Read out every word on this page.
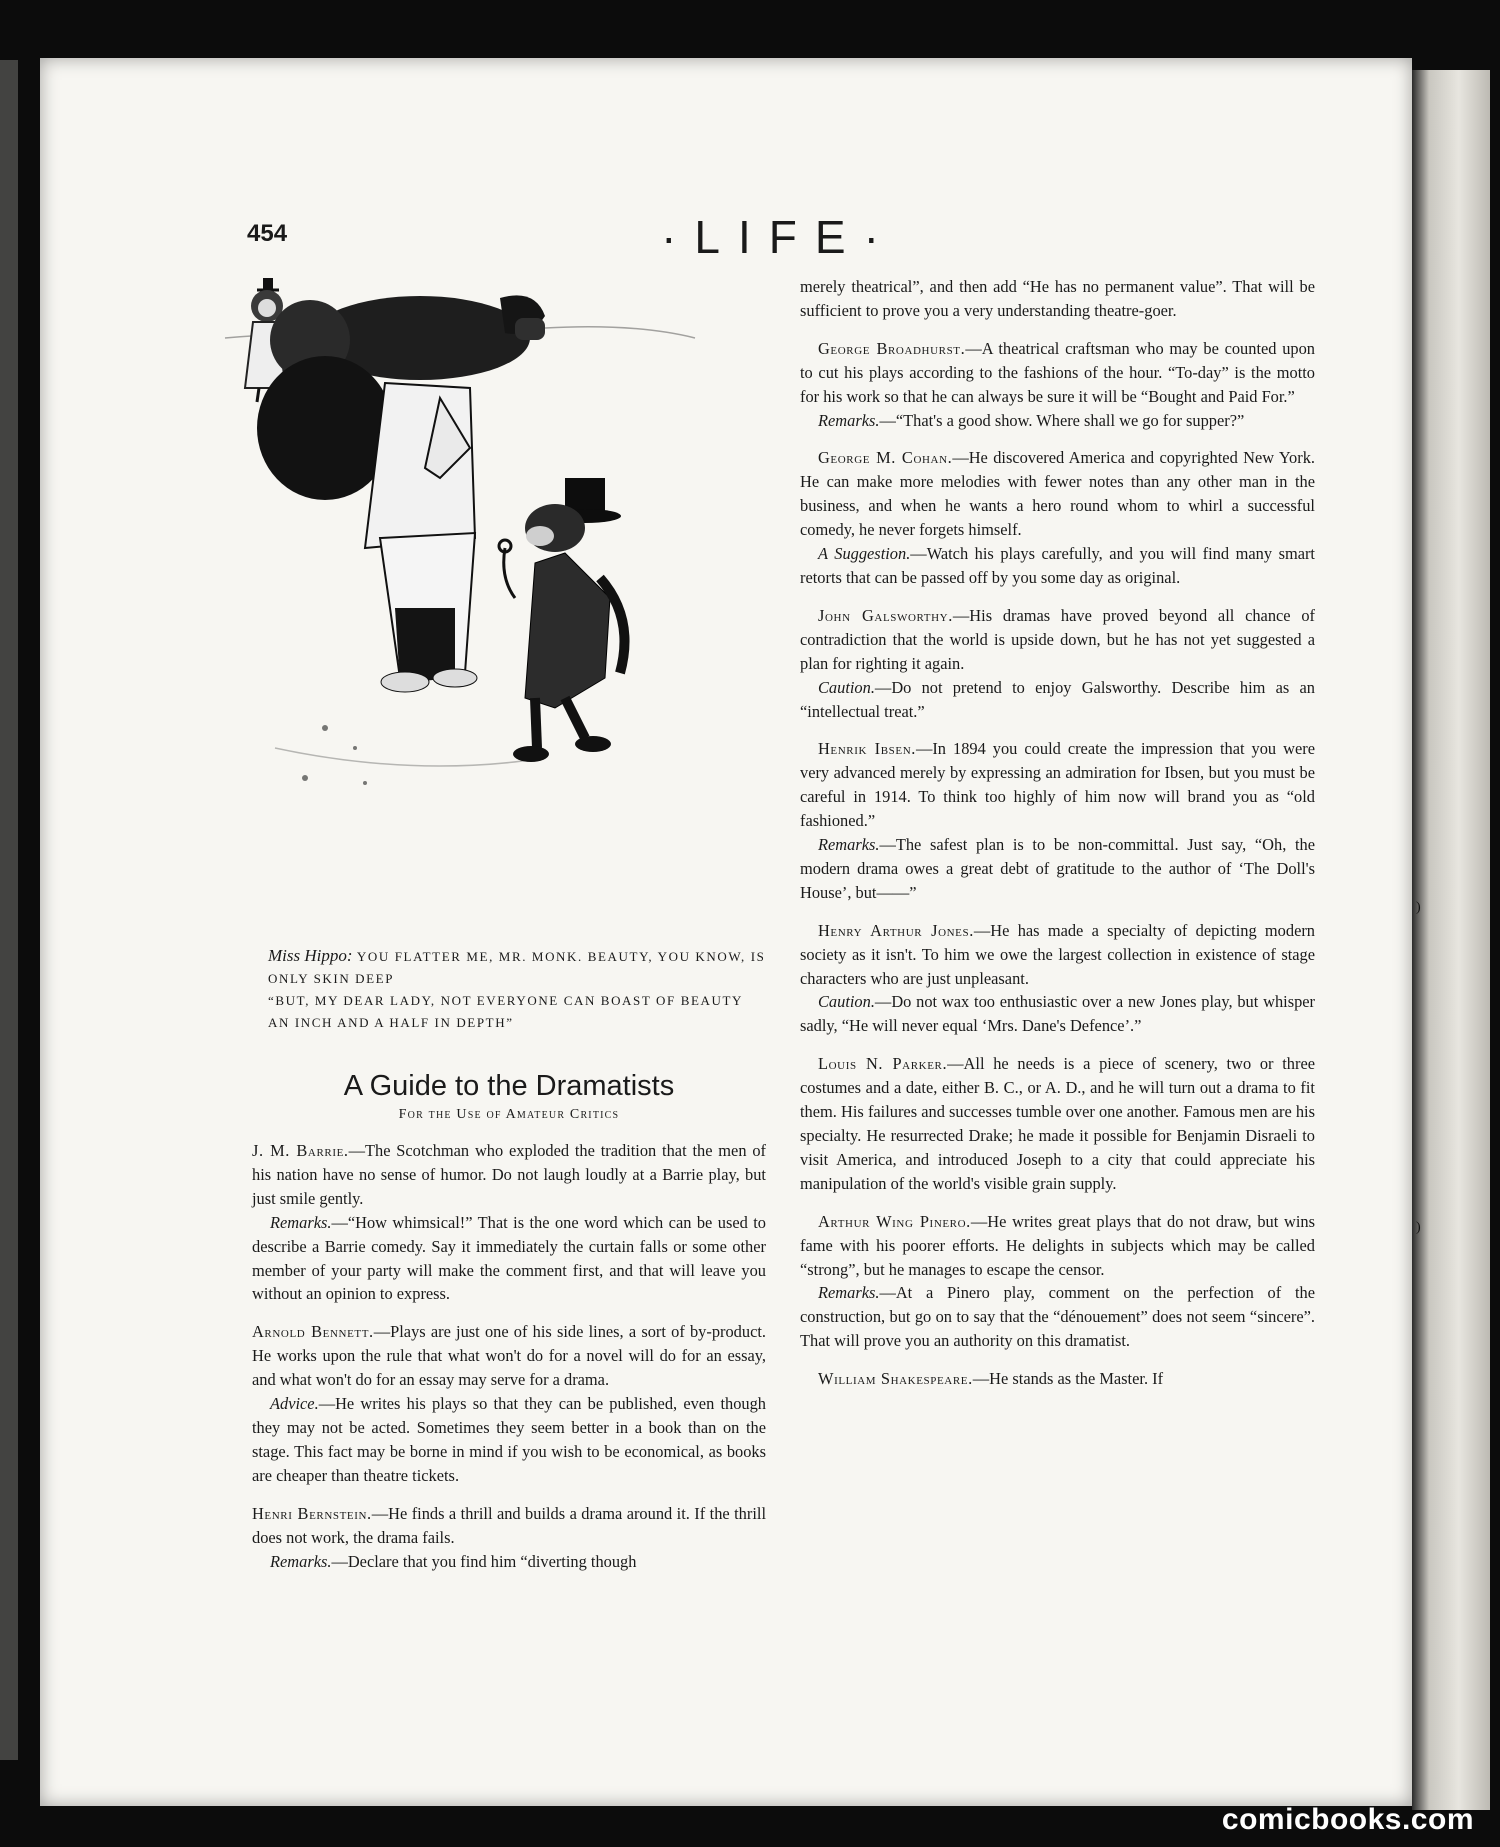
)
)
454	·LIFE·
Miss Hippo: YOU FLATTER ME, MR. MONK. BEAUTY, YOU KNOW, IS ONLY SKIN DEEP
“BUT, MY DEAR LADY, NOT EVERYONE CAN BOAST OF BEAUTY AN INCH AND A HALF IN DEPTH”
A Guide to the Dramatists
For the Use of Amateur Critics

J. M. Barrie.—The Scotchman who exploded the tradition that the men of his nation have no sense of humor. Do not laugh loudly at a Barrie play, but just smile gently.

Remarks.—“How whimsical!” That is the one word which can be used to describe a Barrie comedy. Say it immediately the curtain falls or some other member of your party will make the comment first, and that will leave you without an opinion to express.

Arnold Bennett.—Plays are just one of his side lines, a sort of by-product. He works upon the rule that what won't do for a novel will do for an essay, and what won't do for an essay may serve for a drama.

Advice.—He writes his plays so that they can be published, even though they may not be acted. Sometimes they seem better in a book than on the stage. This fact may be borne in mind if you wish to be economical, as books are cheaper than theatre tickets.

Henri Bernstein.—He finds a thrill and builds a drama around it. If the thrill does not work, the drama fails.

Remarks.—Declare that you find him “diverting though

merely theatrical”, and then add “He has no permanent value”. That will be sufficient to prove you a very understanding theatre-goer.

George Broadhurst.—A theatrical craftsman who may be counted upon to cut his plays according to the fashions of the hour. “To-day” is the motto for his work so that he can always be sure it will be “Bought and Paid For.”

Remarks.—“That's a good show. Where shall we go for supper?”

George M. Cohan.—He discovered America and copyrighted New York. He can make more melodies with fewer notes than any other man in the business, and when he wants a hero round whom to whirl a successful comedy, he never forgets himself.

A Suggestion.—Watch his plays carefully, and you will find many smart retorts that can be passed off by you some day as original.

John Galsworthy.—His dramas have proved beyond all chance of contradiction that the world is upside down, but he has not yet suggested a plan for righting it again.

Caution.—Do not pretend to enjoy Galsworthy. Describe him as an “intellectual treat.”

Henrik Ibsen.—In 1894 you could create the impression that you were very advanced merely by expressing an admiration for Ibsen, but you must be careful in 1914. To think too highly of him now will brand you as “old fashioned.”

Remarks.—The safest plan is to be non-committal. Just say, “Oh, the modern drama owes a great debt of gratitude to the author of ‘The Doll's House’, but——”

Henry Arthur Jones.—He has made a specialty of depicting modern society as it isn't. To him we owe the largest collection in existence of stage characters who are just unpleasant.

Caution.—Do not wax too enthusiastic over a new Jones play, but whisper sadly, “He will never equal ‘Mrs. Dane's Defence’.”

Louis N. Parker.—All he needs is a piece of scenery, two or three costumes and a date, either B. C., or A. D., and he will turn out a drama to fit them. His failures and successes tumble over one another. Famous men are his specialty. He resurrected Drake; he made it possible for Benjamin Disraeli to visit America, and introduced Joseph to a city that could appreciate his manipulation of the world's visible grain supply.

Arthur Wing Pinero.—He writes great plays that do not draw, but wins fame with his poorer efforts. He delights in subjects which may be called “strong”, but he manages to escape the censor.

Remarks.—At a Pinero play, comment on the perfection of the construction, but go on to say that the “dénouement” does not seem “sincere”. That will prove you an authority on this dramatist.

William Shakespeare.—He stands as the Master. If

comicbooks.com
